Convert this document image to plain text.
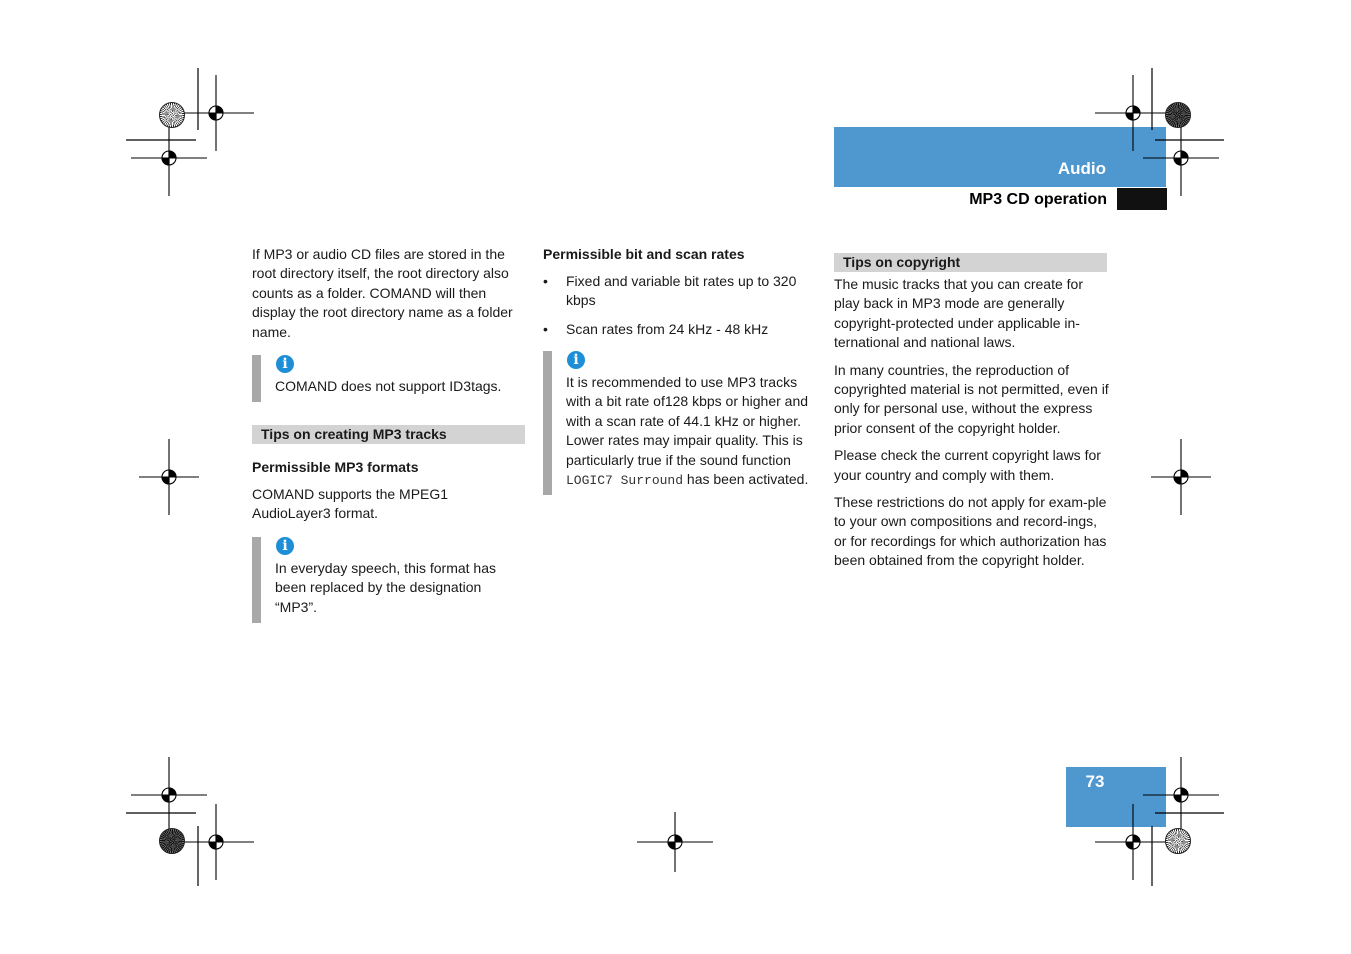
Audio
MP3 CD operation

If MP3 or audio CD files are stored in the root directory itself, the root directory also counts as a folder. COMAND will then display the root directory name as a folder name.

i
COMAND does not support ID3tags.
Tips on creating MP3 tracks
Permissible MP3 formats
COMAND supports the MPEG1 AudioLayer3 format.
i
In everyday speech, this format has been replaced by the designation “MP3”.
Permissible bit and scan rates
• Fixed and variable bit rates up to 320 kbps
• Scan rates from 24 kHz - 48 kHz
i
It is recommended to use MP3 tracks with a bit rate of128 kbps or higher and with a scan rate of 44.1 kHz or higher. Lower rates may impair quality. This is particularly true if the sound function LOGIC7 Surround has been activated.
Tips on copyright

The music tracks that you can create for play back in MP3 mode are generally copyright-protected under applicable in-ternational and national laws.

In many countries, the reproduction of copyrighted material is not permitted, even if only for personal use, without the express prior consent of the copyright holder.

Please check the current copyright laws for your country and comply with them.

These restrictions do not apply for exam-ple to your own compositions and record-ings, or for recordings for which authorization has been obtained from the copyright holder.

73
